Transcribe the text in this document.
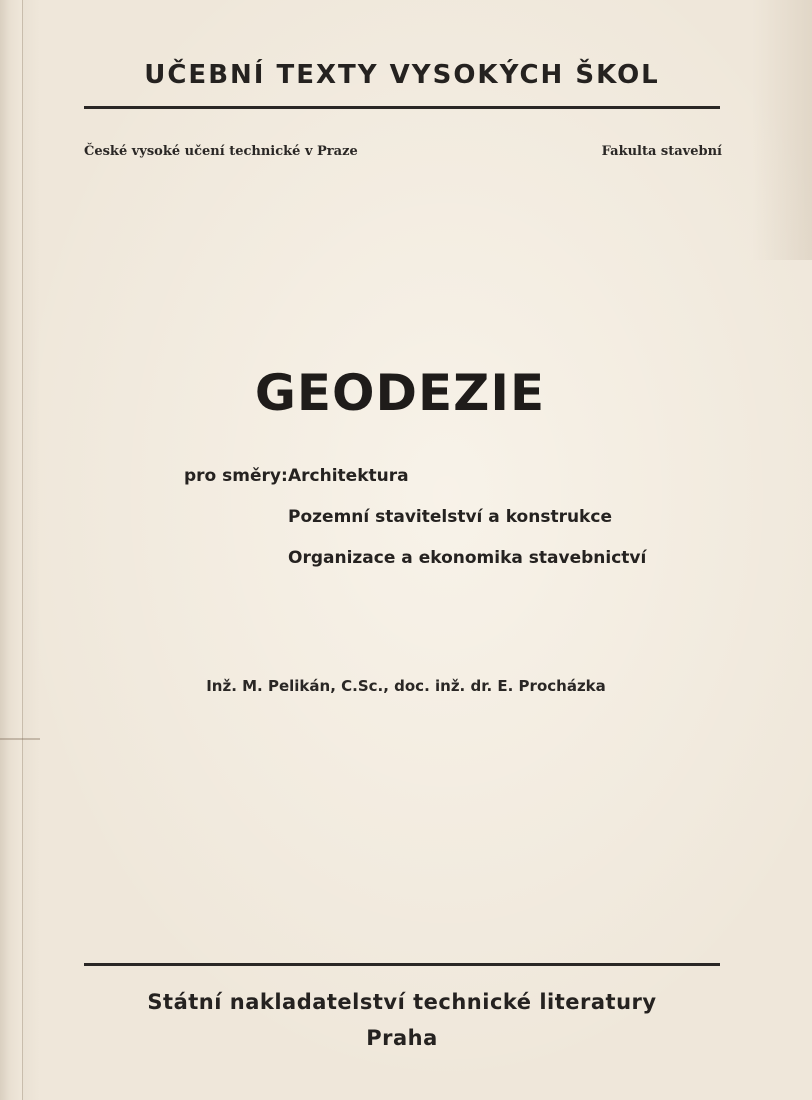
UČEBNÍ TEXTY VYSOKÝCH ŠKOL
České vysoké učení technické v Praze	Fakulta stavební
GEODEZIE
pro směry: Architektura
Pozemní stavitelství a konstrukce
Organizace a ekonomika stavebnictví
Inž. M. Pelikán, C.Sc., doc. inž. dr. E. Procházka
Státní nakladatelství technické literatury
Praha
